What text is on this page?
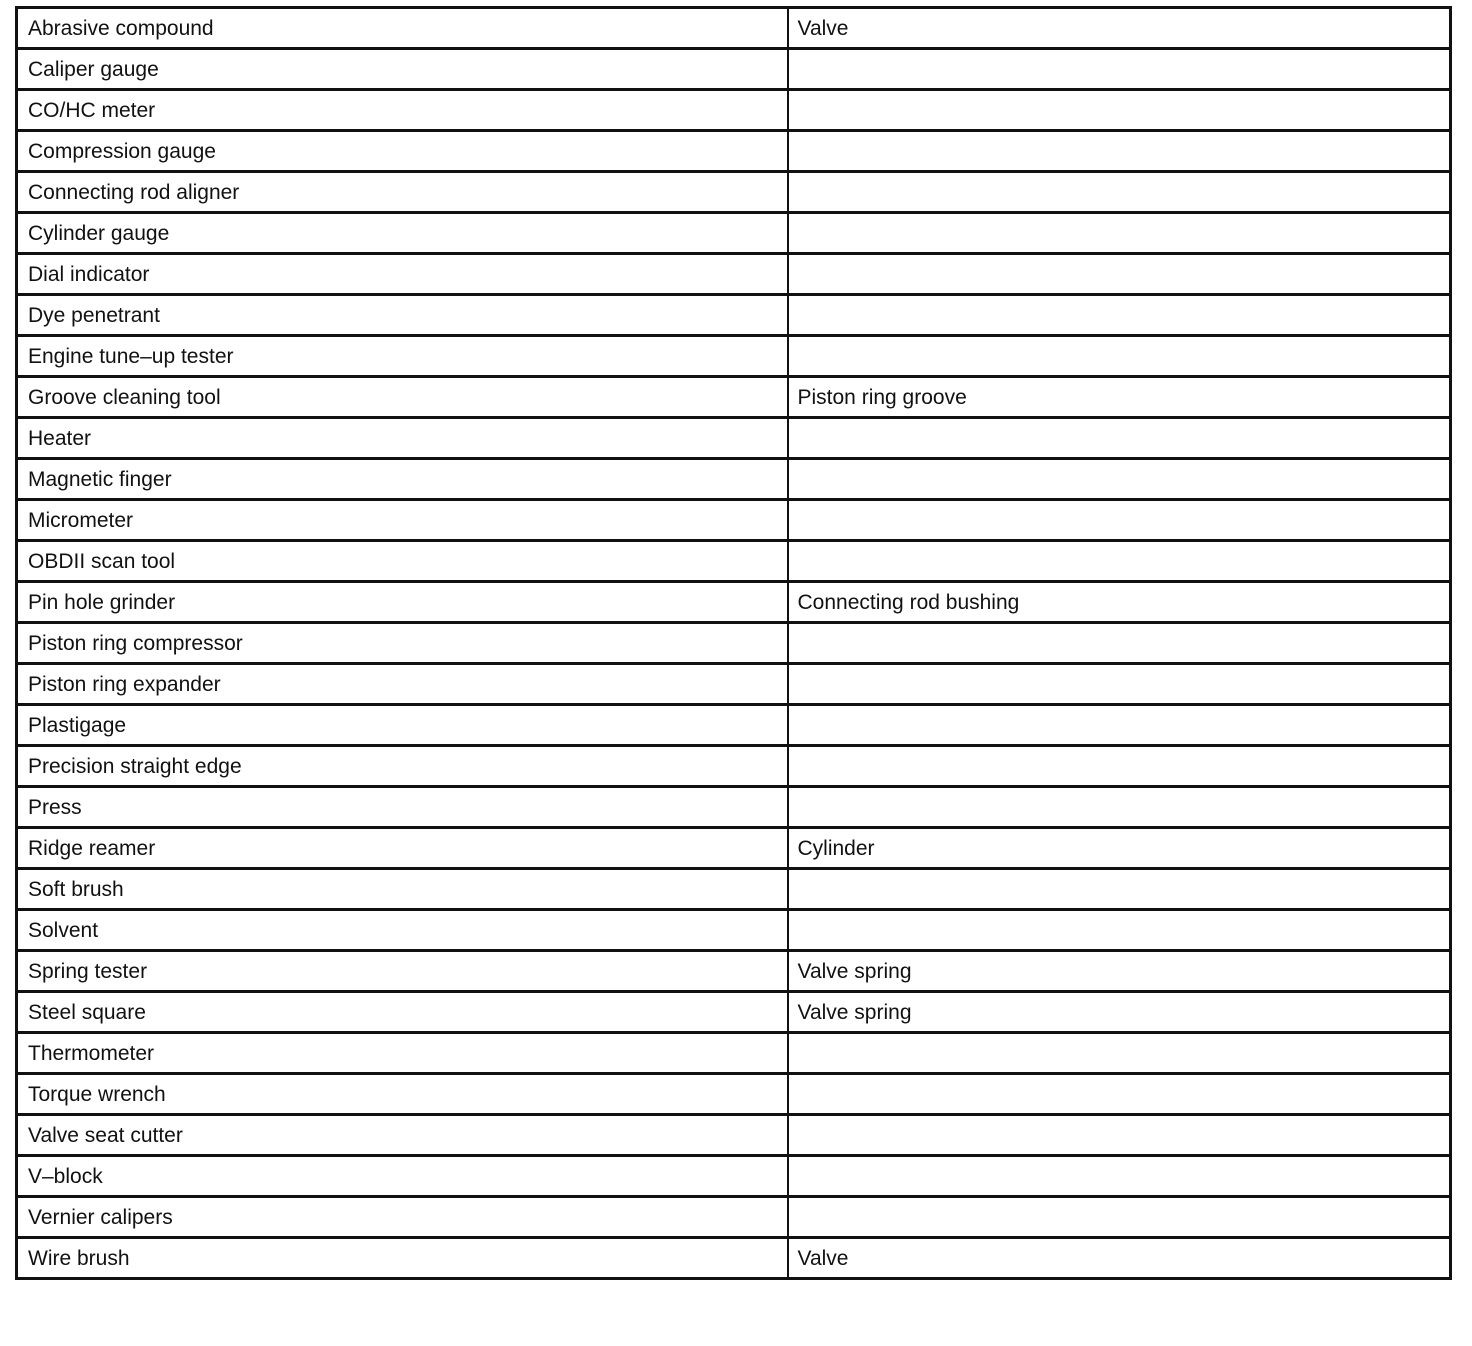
Abrasive compound	Valve
Caliper gauge	
CO/HC meter	
Compression gauge	
Connecting rod aligner	
Cylinder gauge	
Dial indicator	
Dye penetrant	
Engine tune–up tester	
Groove cleaning tool	Piston ring groove
Heater	
Magnetic finger	
Micrometer	
OBDII scan tool	
Pin hole grinder	Connecting rod bushing
Piston ring compressor	
Piston ring expander	
Plastigage	
Precision straight edge	
Press	
Ridge reamer	Cylinder
Soft brush	
Solvent	
Spring tester	Valve spring
Steel square	Valve spring
Thermometer	
Torque wrench	
Valve seat cutter	
V–block	
Vernier calipers	
Wire brush	Valve
